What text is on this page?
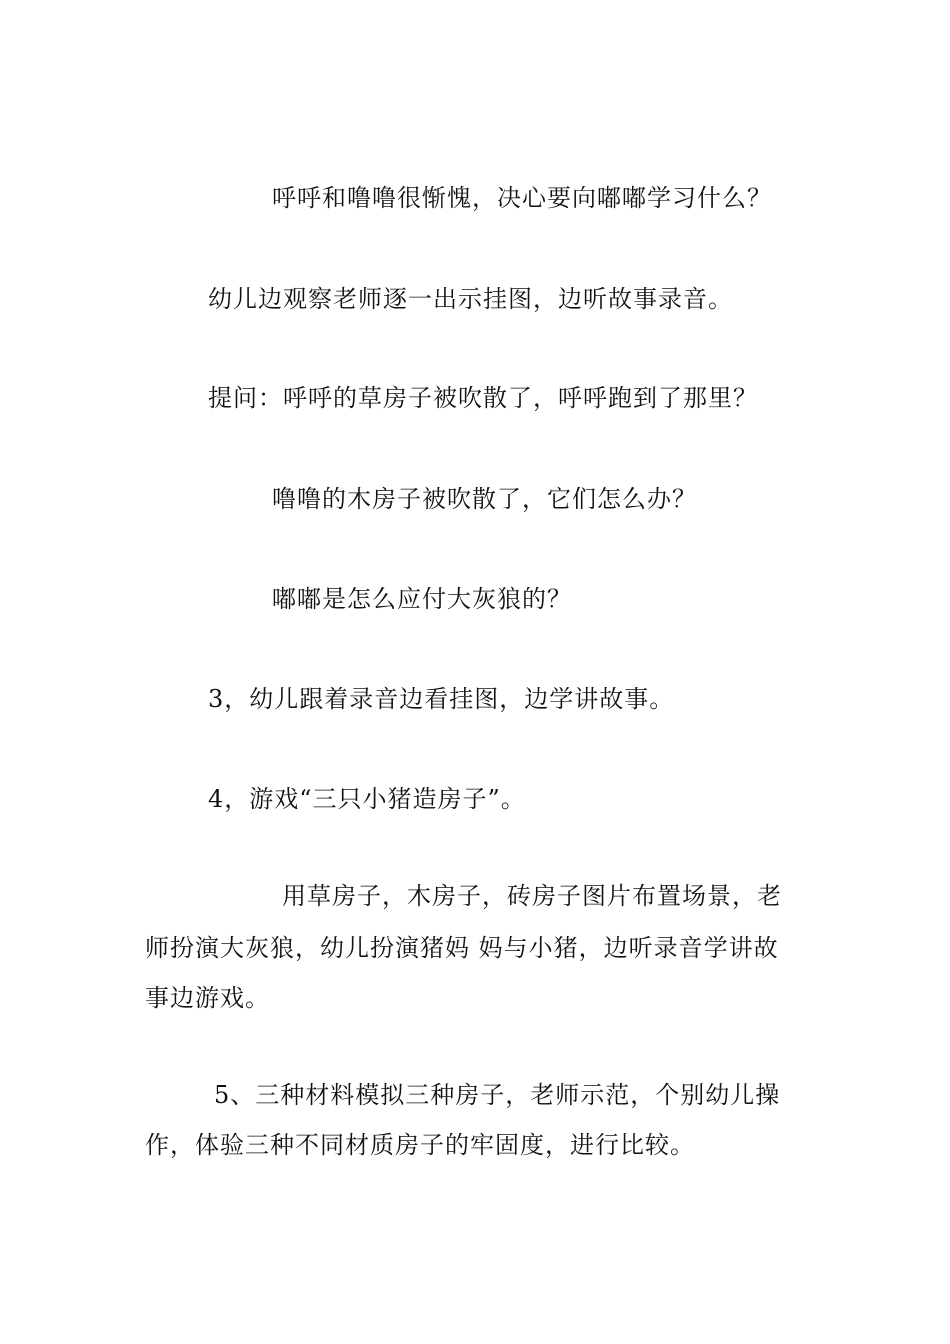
呼呼和噜噜很惭愧，决心要向嘟嘟学习什么？
幼儿边观察老师逐一出示挂图，边听故事录音。
提问：呼呼的草房子被吹散了，呼呼跑到了那里？
噜噜的木房子被吹散了，它们怎么办？
嘟嘟是怎么应付大灰狼的？
3，幼儿跟着录音边看挂图，边学讲故事。
4，游戏“三只小猪造房子”。
用草房子，木房子，砖房子图片布置场景，老
师扮演大灰狼，幼儿扮演猪妈 妈与小猪，边听录音学讲故
事边游戏。
5、三种材料模拟三种房子，老师示范，个别幼儿操
作，体验三种不同材质房子的牢固度，进行比较。
